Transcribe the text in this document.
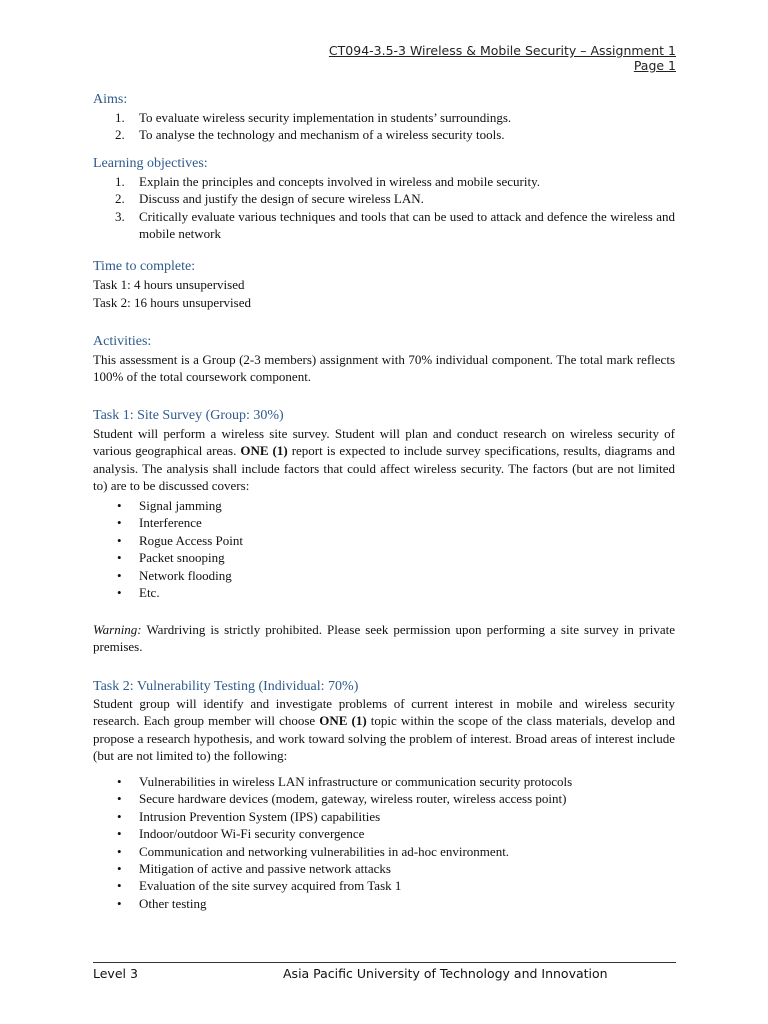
CT094-3.5-3 Wireless & Mobile Security – Assignment 1
Page 1
Aims:
1. To evaluate wireless security implementation in students’ surroundings.
2. To analyse the technology and mechanism of a wireless security tools.
Learning objectives:
1. Explain the principles and concepts involved in wireless and mobile security.
2. Discuss and justify the design of secure wireless LAN.
3. Critically evaluate various techniques and tools that can be used to attack and defence the wireless and mobile network
Time to complete:
Task 1: 4 hours unsupervised
Task 2: 16 hours unsupervised
Activities:
This assessment is a Group (2-3 members) assignment with 70% individual component. The total mark reflects 100% of the total coursework component.
Task 1: Site Survey (Group: 30%)
Student will perform a wireless site survey. Student will plan and conduct research on wireless security of various geographical areas. ONE (1) report is expected to include survey specifications, results, diagrams and analysis. The analysis shall include factors that could affect wireless security. The factors (but are not limited to) are to be discussed covers:
• Signal jamming
• Interference
• Rogue Access Point
• Packet snooping
• Network flooding
• Etc.
Warning: Wardriving is strictly prohibited. Please seek permission upon performing a site survey in private premises.
Task 2: Vulnerability Testing (Individual: 70%)
Student group will identify and investigate problems of current interest in mobile and wireless security research. Each group member will choose ONE (1) topic within the scope of the class materials, develop and propose a research hypothesis, and work toward solving the problem of interest. Broad areas of interest include (but are not limited to) the following:
• Vulnerabilities in wireless LAN infrastructure or communication security protocols
• Secure hardware devices (modem, gateway, wireless router, wireless access point)
• Intrusion Prevention System (IPS) capabilities
• Indoor/outdoor Wi-Fi security convergence
• Communication and networking vulnerabilities in ad-hoc environment.
• Mitigation of active and passive network attacks
• Evaluation of the site survey acquired from Task 1
• Other testing
Level 3	Asia Pacific University of Technology and Innovation
